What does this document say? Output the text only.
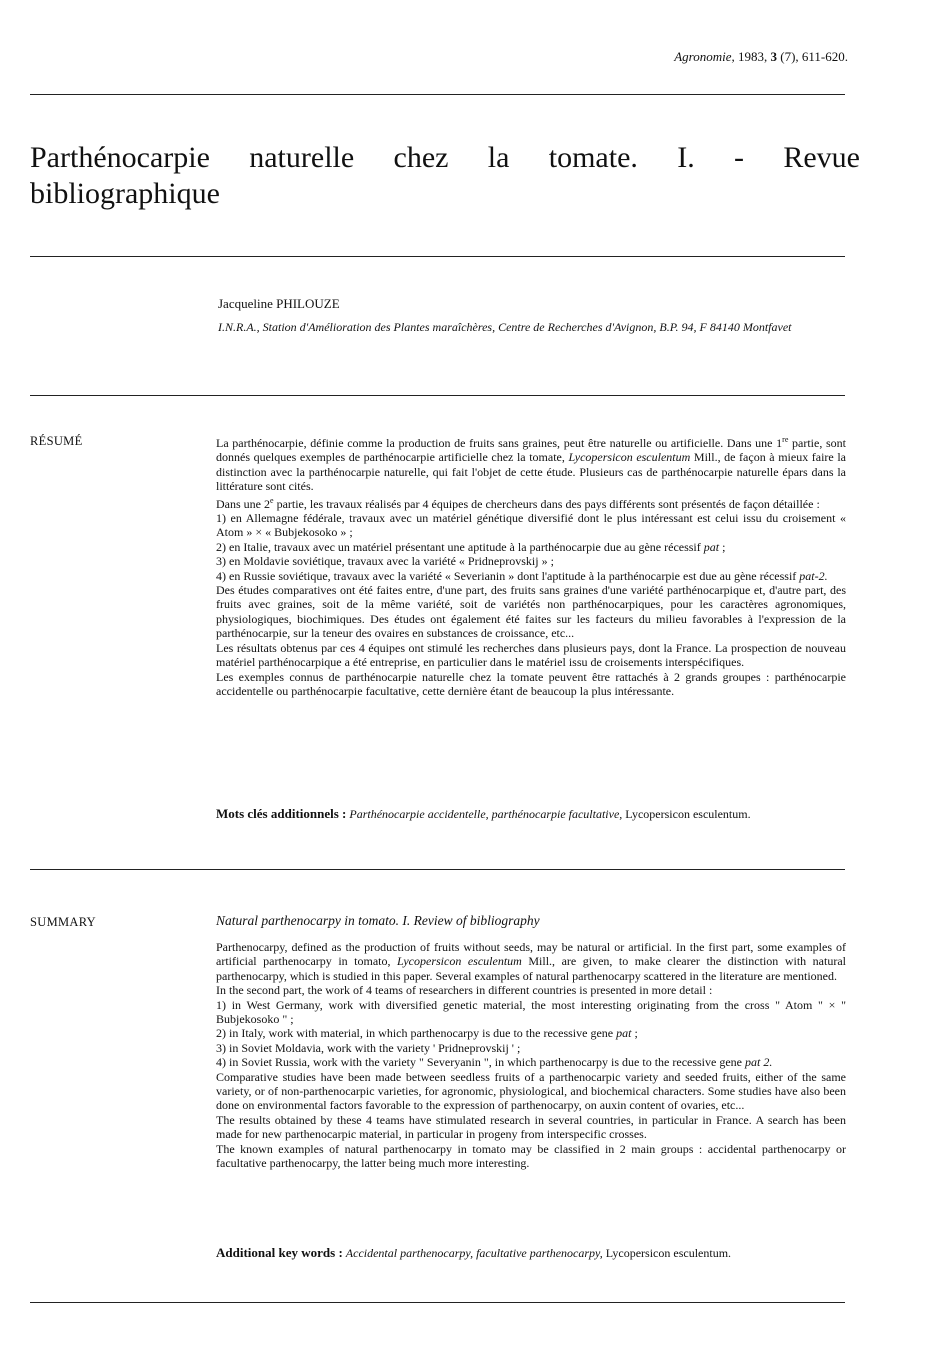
Agronomie, 1983, 3 (7), 611-620.
Parthénocarpie naturelle chez la tomate. I. - Revue bibliographique
Jacqueline PHILOUZE
I.N.R.A., Station d'Amélioration des Plantes maraîchères, Centre de Recherches d'Avignon, B.P. 94, F 84140 Montfavet
RÉSUMÉ	La parthénocarpie, définie comme la production de fruits sans graines, peut être naturelle ou artificielle. Dans une 1re partie, sont donnés quelques exemples de parthénocarpie artificielle chez la tomate, Lycopersicon esculentum Mill., de façon à mieux faire la distinction avec la parthénocarpie naturelle, qui fait l'objet de cette étude. Plusieurs cas de parthénocarpie naturelle épars dans la littérature sont cités.

Dans une 2e partie, les travaux réalisés par 4 équipes de chercheurs dans des pays différents sont présentés de façon détaillée :

1) en Allemagne fédérale, travaux avec un matériel génétique diversifié dont le plus intéressant est celui issu du croisement « Atom » × « Bubjekosoko » ;

2) en Italie, travaux avec un matériel présentant une aptitude à la parthénocarpie due au gène récessif pat ;

3) en Moldavie soviétique, travaux avec la variété « Pridneprovskij » ;

4) en Russie soviétique, travaux avec la variété « Severianin » dont l'aptitude à la parthénocarpie est due au gène récessif pat-2.

Des études comparatives ont été faites entre, d'une part, des fruits sans graines d'une variété parthénocarpique et, d'autre part, des fruits avec graines, soit de la même variété, soit de variétés non parthénocarpiques, pour les caractères agronomiques, physiologiques, biochimiques. Des études ont également été faites sur les facteurs du milieu favorables à l'expression de la parthénocarpie, sur la teneur des ovaires en substances de croissance, etc...

Les résultats obtenus par ces 4 équipes ont stimulé les recherches dans plusieurs pays, dont la France. La prospection de nouveau matériel parthénocarpique a été entreprise, en particulier dans le matériel issu de croisements interspécifiques.

Les exemples connus de parthénocarpie naturelle chez la tomate peuvent être rattachés à 2 grands groupes : parthénocarpie accidentelle ou parthénocarpie facultative, cette dernière étant de beaucoup la plus intéressante.

Mots clés additionnels : Parthénocarpie accidentelle, parthénocarpie facultative, Lycopersicon esculentum.
SUMMARY	Natural parthenocarpy in tomato. I. Review of bibliography

Parthenocarpy, defined as the production of fruits without seeds, may be natural or artificial. In the first part, some examples of artificial parthenocarpy in tomato, Lycopersicon esculentum Mill., are given, to make clearer the distinction with natural parthenocarpy, which is studied in this paper. Several examples of natural parthenocarpy scattered in the literature are mentioned.

In the second part, the work of 4 teams of researchers in different countries is presented in more detail :

1) in West Germany, work with diversified genetic material, the most interesting originating from the cross " Atom " × " Bubjekosoko " ;

2) in Italy, work with material, in which parthenocarpy is due to the recessive gene pat ;

3) in Soviet Moldavia, work with the variety ' Pridneprovskij ' ;

4) in Soviet Russia, work with the variety " Severyanin ", in which parthenocarpy is due to the recessive gene pat 2.

Comparative studies have been made between seedless fruits of a parthenocarpic variety and seeded fruits, either of the same variety, or of non-parthenocarpic varieties, for agronomic, physiological, and biochemical characters. Some studies have also been done on environmental factors favorable to the expression of parthenocarpy, on auxin content of ovaries, etc...

The results obtained by these 4 teams have stimulated research in several countries, in particular in France. A search has been made for new parthenocarpic material, in particular in progeny from interspecific crosses.

The known examples of natural parthenocarpy in tomato may be classified in 2 main groups : accidental parthenocarpy or facultative parthenocarpy, the latter being much more interesting.

Additional key words : Accidental parthenocarpy, facultative parthenocarpy, Lycopersicon esculentum.
